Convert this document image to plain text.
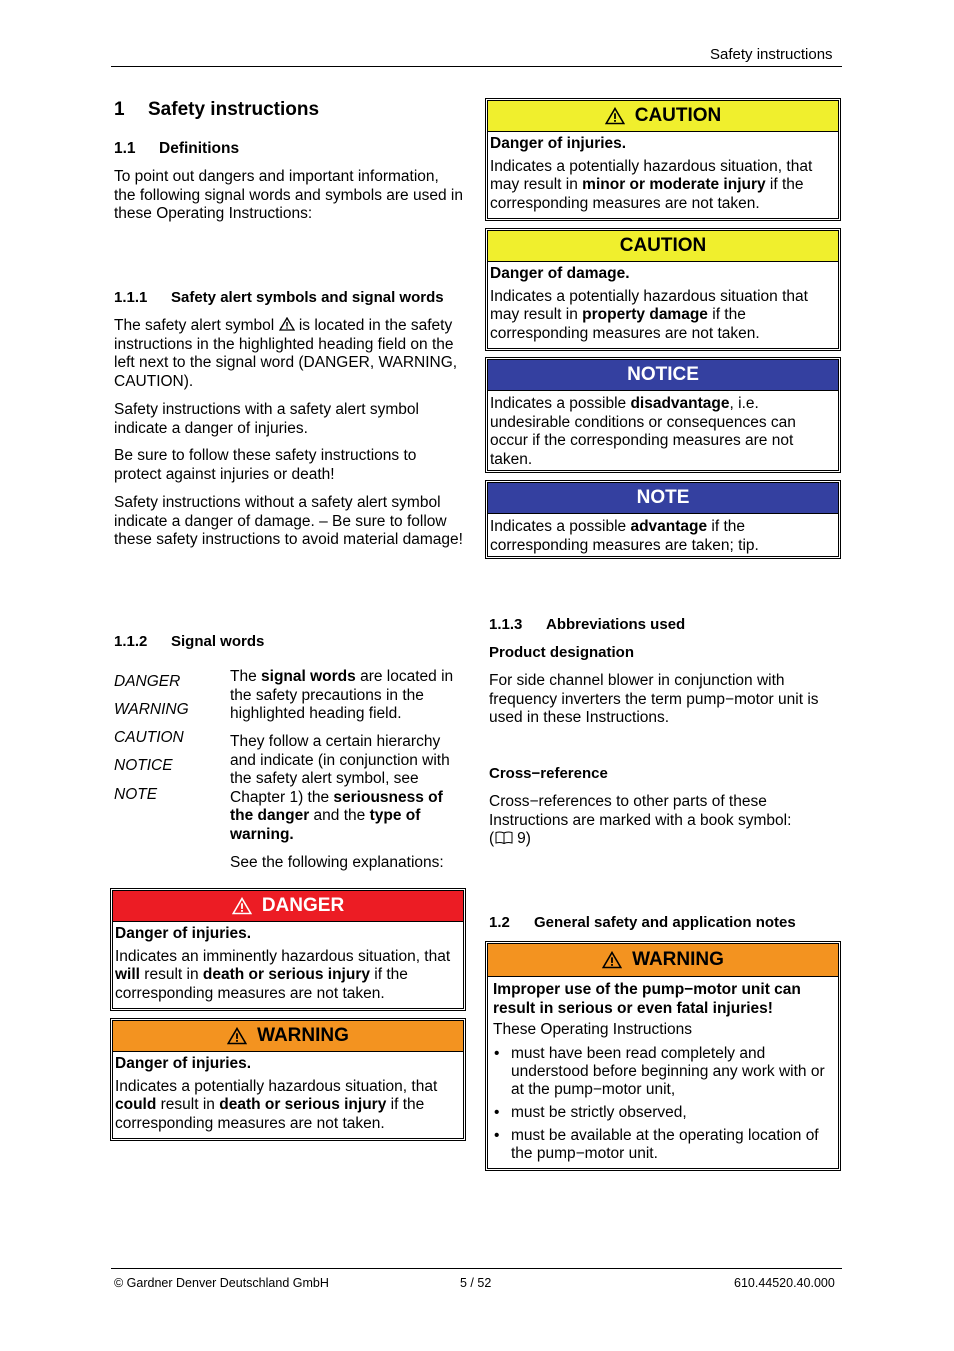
Safety instructions
1 Safety instructions
1.1 Definitions

To point out dangers and important information, the following signal words and symbols are used in these Operating Instructions:

1.1.1 Safety alert symbols and signal words

The safety alert symbol  is located in the safety instructions in the highlighted heading field on the left next to the signal word (DANGER, WARNING, CAUTION).

Safety instructions with a safety alert symbol indicate a danger of injuries.

Be sure to follow these safety instructions to protect against injuries or death!

Safety instructions without a safety alert symbol indicate a danger of damage. – Be sure to follow these safety instructions to avoid material damage!

1.1.2 Signal words
DANGER
WARNING
CAUTION
NOTICE
NOTE

The signal words are located in the safety precautions in the highlighted heading field.

They follow a certain hierarchy and indicate (in conjunction with the safety alert symbol, see Chapter 1) the seriousness of the danger and the type of warning.

See the following explanations:

DANGER
Danger of injuries.
Indicates an imminently hazardous situation, that will result in death or serious injury if the corresponding measures are not taken.
WARNING
Danger of injuries.
Indicates a potentially hazardous situation, that could result in death or serious injury if the corresponding measures are not taken.
CAUTION
Danger of injuries.
Indicates a potentially hazardous situation, that may result in minor or moderate injury if the corresponding measures are not taken.
CAUTION
Danger of damage.
Indicates a potentially hazardous situation that may result in property damage if the corresponding measures are not taken.
NOTICE
Indicates a possible disadvantage, i.e. undesirable conditions or consequences can occur if the corresponding measures are not taken.
NOTE
Indicates a possible advantage if the corresponding measures are taken; tip.
1.1.3 Abbreviations used
Product designation

For side channel blower in conjunction with frequency inverters the term pump−motor unit is used in these Instructions.

Cross−reference

Cross−references to other parts of these Instructions are marked with a book symbol:
( 9)

1.2 General safety and application notes
WARNING
Improper use of the pump−motor unit can result in serious or even fatal injuries!
These Operating Instructions
• must have been read completely and understood before beginning any work with or at the pump−motor unit,
• must be strictly observed,
• must be available at the operating location of the pump−motor unit.
© Gardner Denver Deutschland GmbH	5 / 52	610.44520.40.000
